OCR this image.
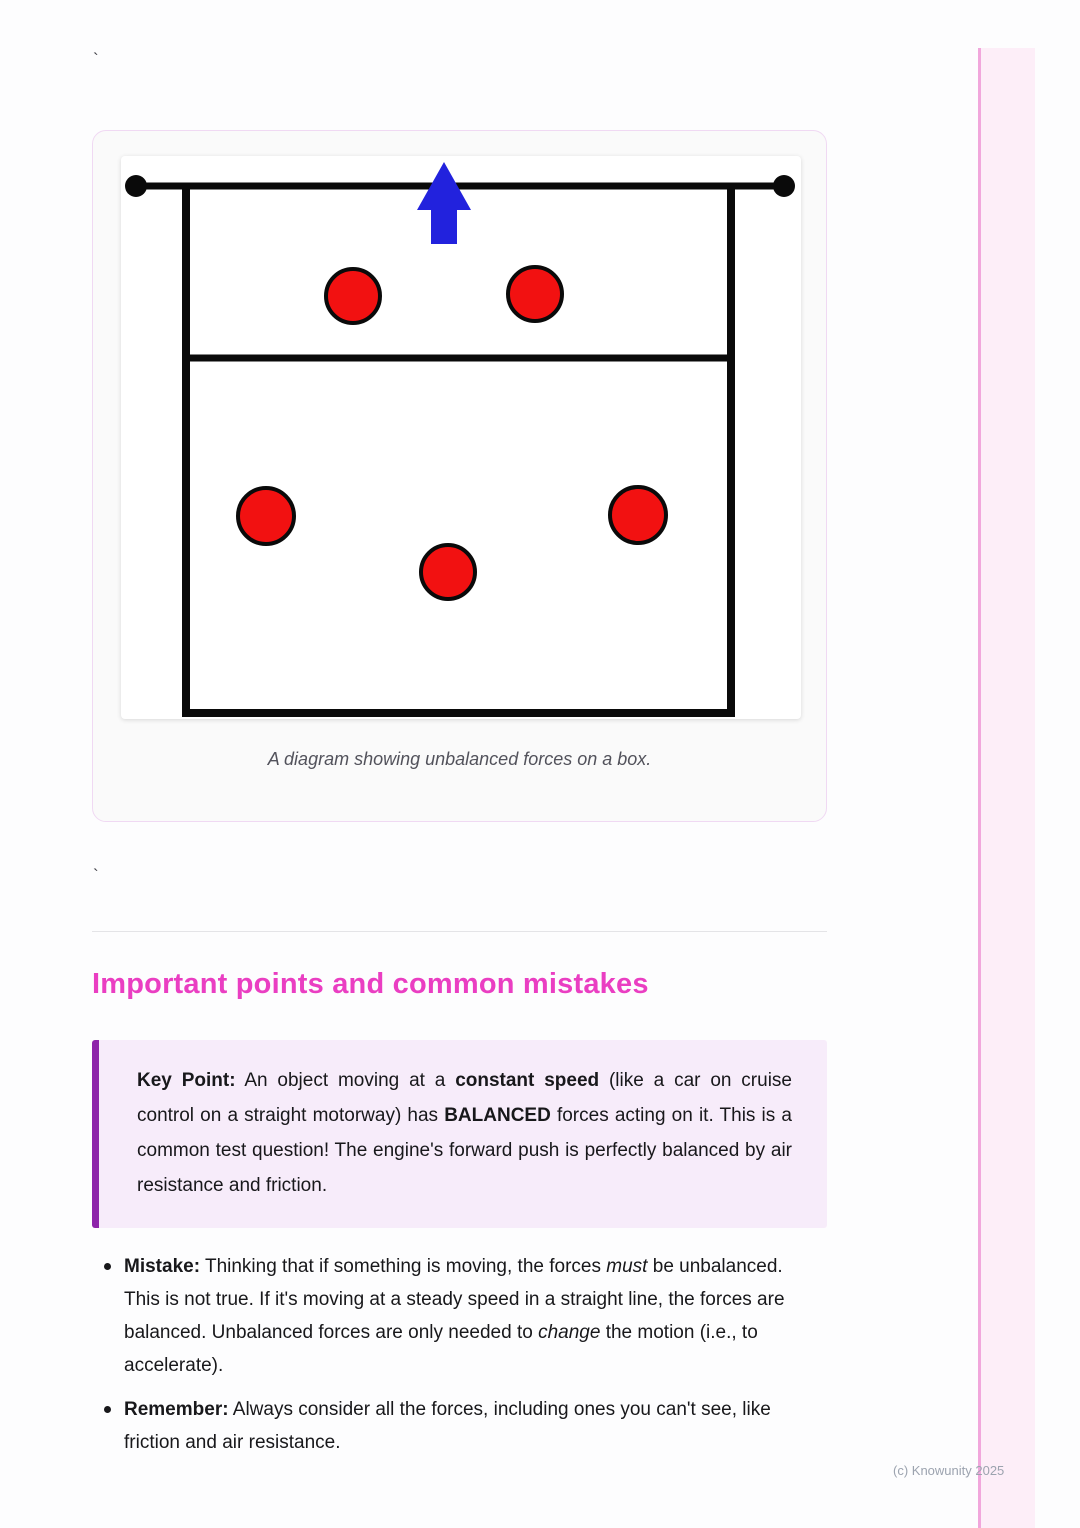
`
A diagram showing unbalanced forces on a box.
`
Important points and common mistakes
Key Point: An object moving at a constant speed (like a car on cruise control on a straight motorway) has BALANCED forces acting on it. This is a common test question! The engine's forward push is perfectly balanced by air resistance and friction.
Mistake: Thinking that if something is moving, the forces must be unbalanced. This is not true. If it's moving at a steady speed in a straight line, the forces are balanced. Unbalanced forces are only needed to change the motion (i.e., to accelerate).
Remember: Always consider all the forces, including ones you can't see, like friction and air resistance.
(c) Knowunity 2025
